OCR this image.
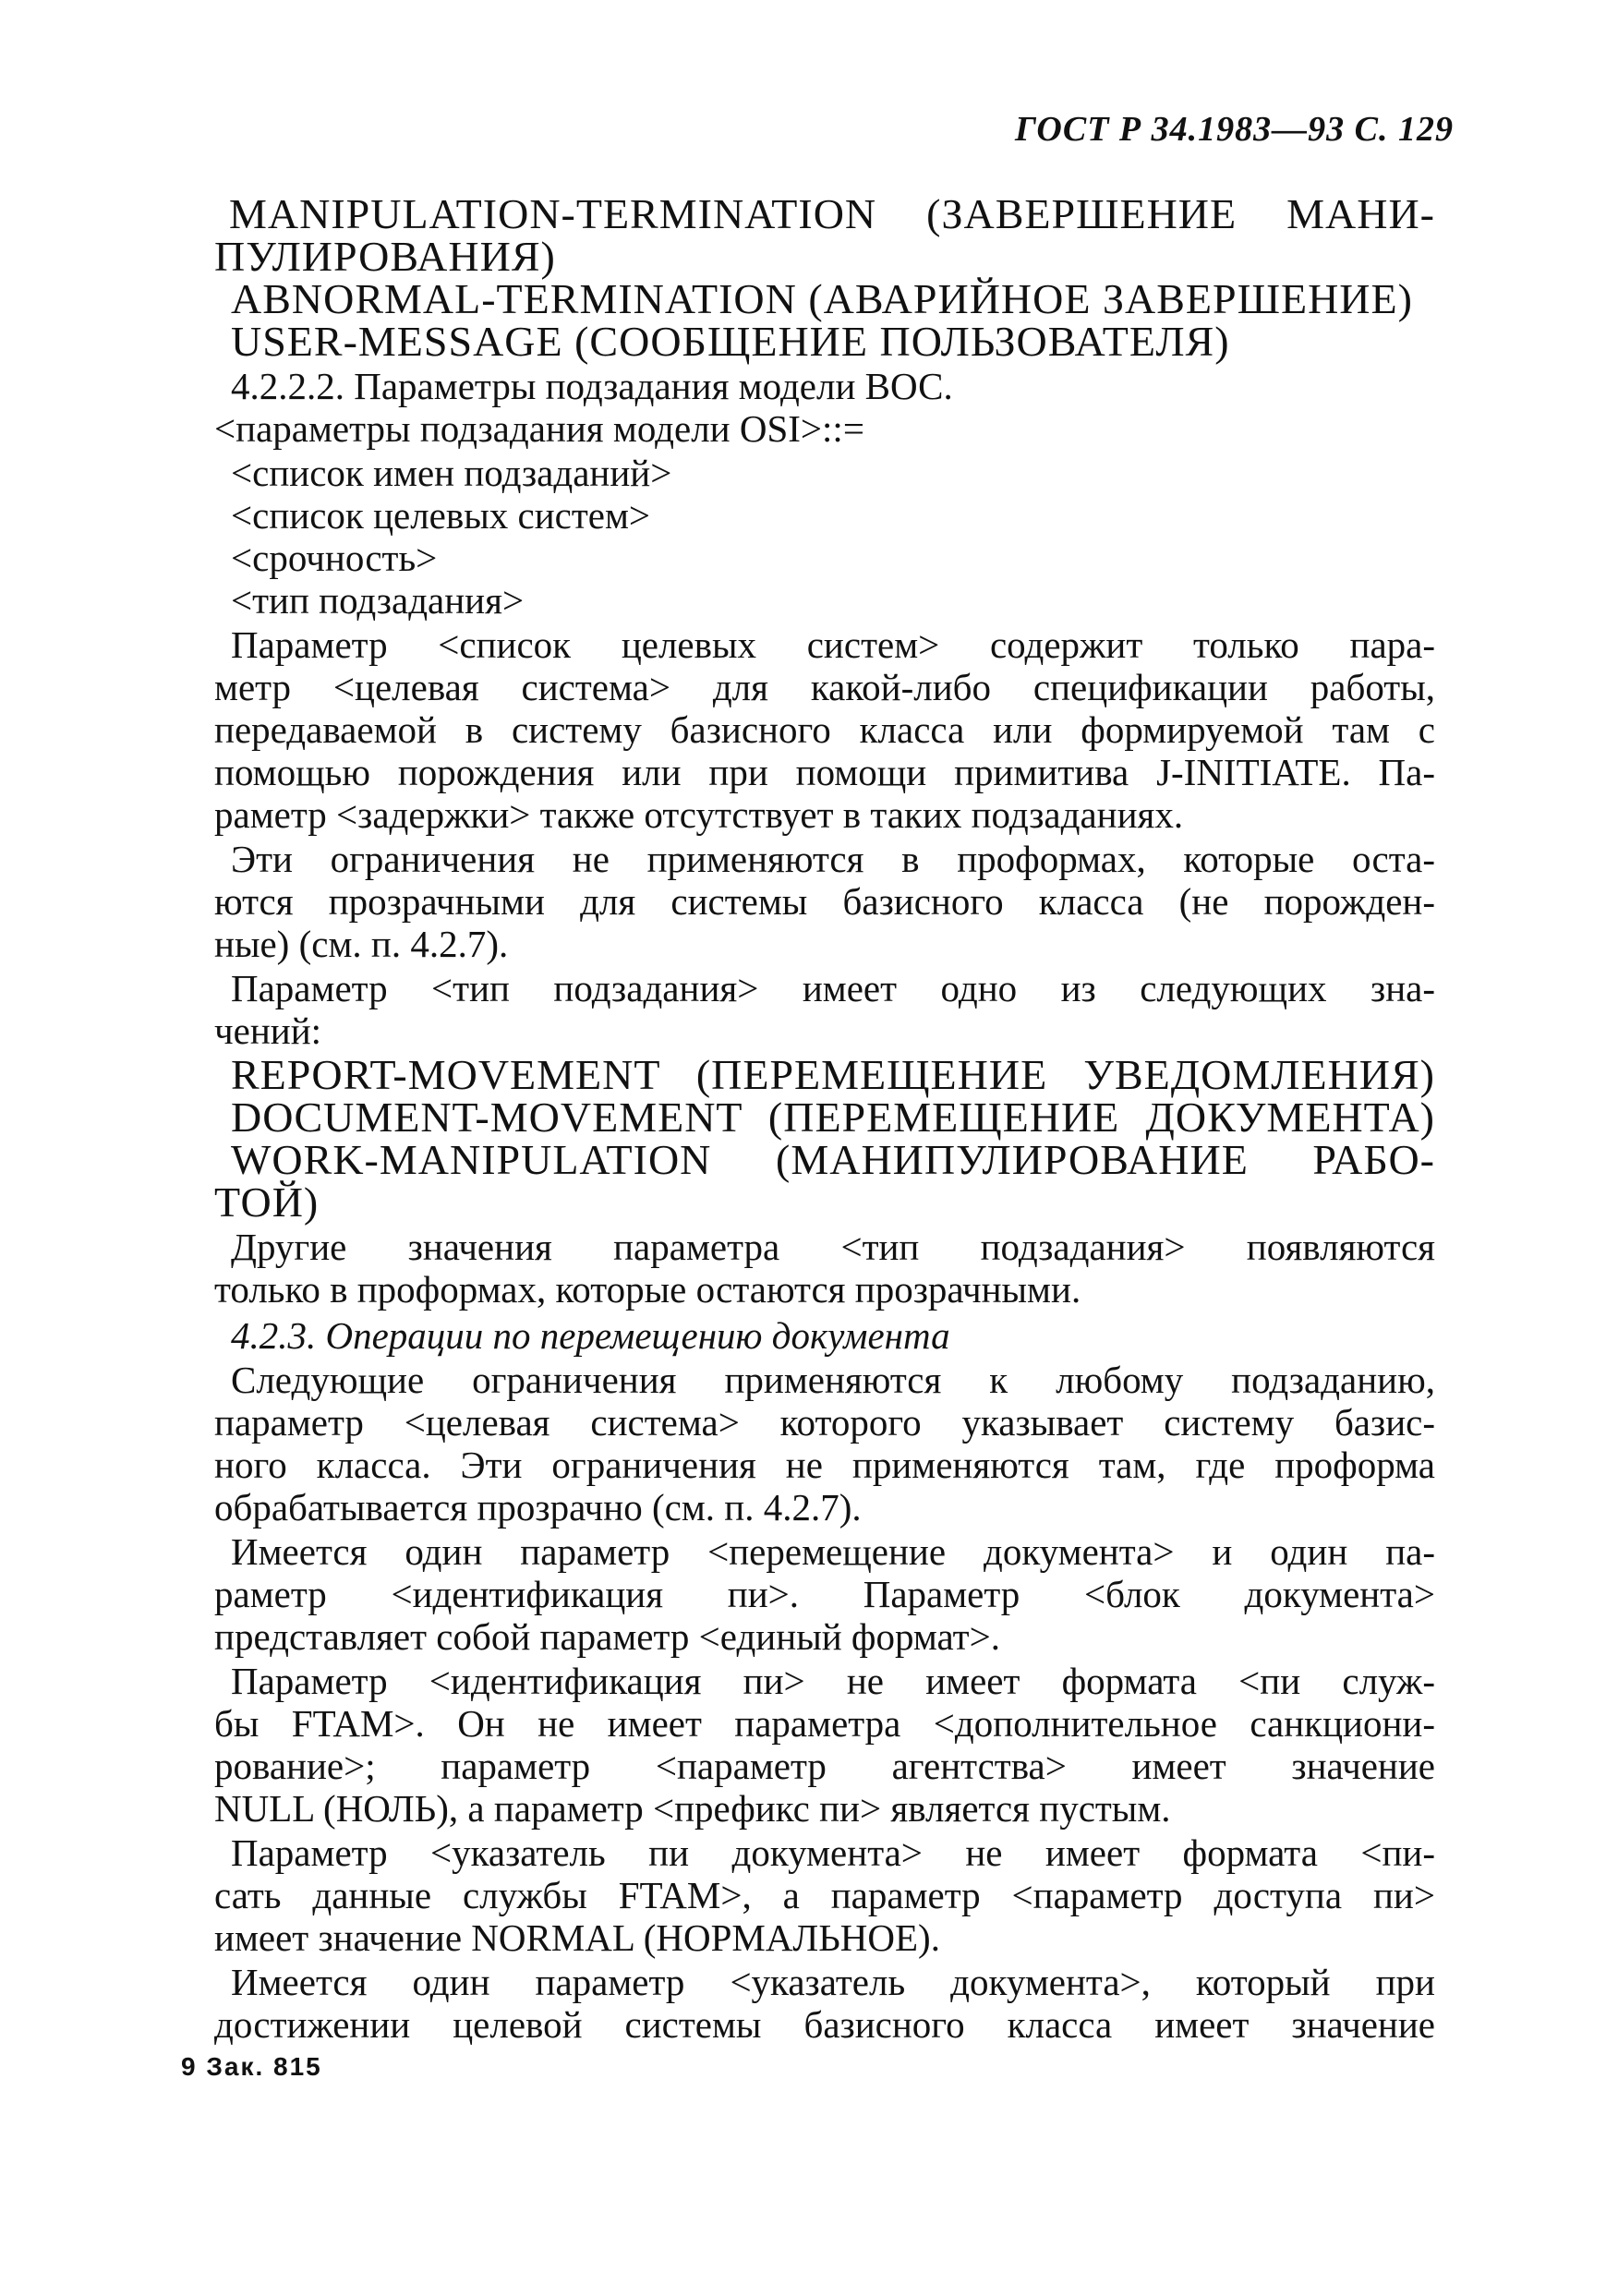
ГОСТ Р 34.1983—93 С. 129
MANIPULATION-TERMINATION (ЗАВЕРШЕНИЕ МАНИ-
ПУЛИРОВАНИЯ)
ABNORMAL-TERMINATION (АВАРИЙНОЕ ЗАВЕРШЕНИЕ)
USER-MESSAGE (СООБЩЕНИЕ ПОЛЬЗОВАТЕЛЯ)
4.2.2.2. Параметры подзадания модели ВОС.
<параметры подзадания модели OSI>::=
<список имен подзаданий>
<список целевых систем>
<срочность>
<тип подзадания>
Параметр <список целевых систем> содержит только пара-
метр <целевая система> для какой-либо спецификации работы,
передаваемой в систему базисного класса или формируемой там с
помощью порождения или при помощи примитива J-INITIATE. Па-
раметр <задержки> также отсутствует в таких подзаданиях.
Эти ограничения не применяются в проформах, которые оста-
ются прозрачными для системы базисного класса (не порожден-
ные) (см. п. 4.2.7).
Параметр <тип подзадания> имеет одно из следующих зна-
чений:
REPORT-MOVEMENT (ПЕРЕМЕЩЕНИЕ УВЕДОМЛЕНИЯ)
DOCUMENT-MOVEMENT (ПЕРЕМЕЩЕНИЕ ДОКУМЕНТА)
WORK-MANIPULATION (МАНИПУЛИРОВАНИЕ РАБО-
ТОЙ)
Другие значения параметра <тип подзадания> появляются
только в проформах, которые остаются прозрачными.
4.2.3. Операции по перемещению документа
Следующие ограничения применяются к любому подзаданию,
параметр <целевая система> которого указывает систему базис-
ного класса. Эти ограничения не применяются там, где проформа
обрабатывается прозрачно (см. п. 4.2.7).
Имеется один параметр <перемещение документа> и один па-
раметр <идентификация пи>. Параметр <блок документа>
представляет собой параметр <единый формат>.
Параметр <идентификация пи> не имеет формата <пи служ-
бы FTAM>. Он не имеет параметра <дополнительное санкциони-
рование>; параметр <параметр агентства> имеет значение
NULL (НОЛЬ), а параметр <префикс пи> является пустым.
Параметр <указатель пи документа> не имеет формата <пи-
сать данные службы FTAM>, а параметр <параметр доступа пи>
имеет значение NORMAL (НОРМАЛЬНОЕ).
Имеется один параметр <указатель документа>, который при
достижении целевой системы базисного класса имеет значение
9 Зак. 815
